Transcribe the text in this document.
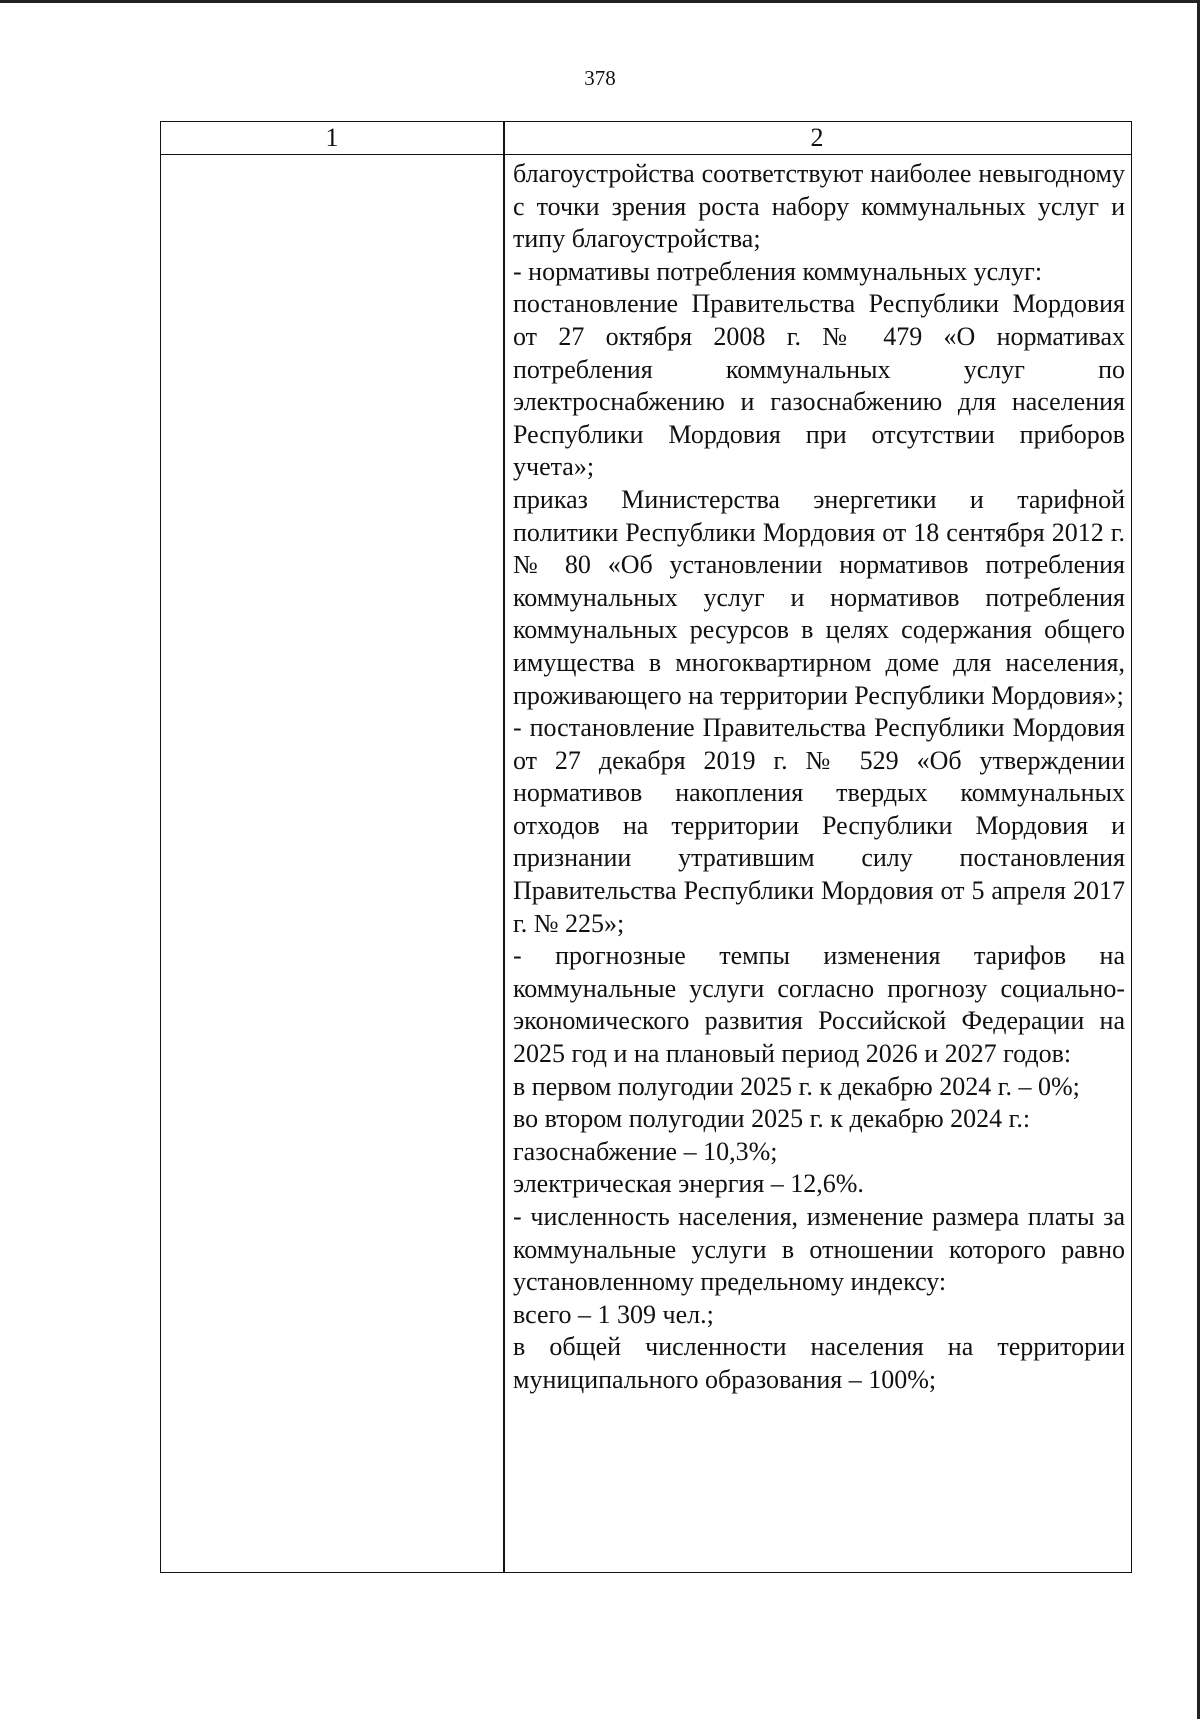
378
1	2

благоустройства соответствуют наиболее невыгодному с точки зрения роста набору коммунальных услуг и типу благоустройства;

- нормативы потребления коммунальных услуг:

постановление Правительства Республики Мордовия от 27 октября 2008 г. № 479 «О нормативах потребления коммунальных услуг по электроснабжению и газоснабжению для населения Республики Мордовия при отсутствии приборов учета»;

приказ Министерства энергетики и тарифной политики Республики Мордовия от 18 сентября 2012 г. № 80 «Об установлении нормативов потребления коммунальных услуг и нормативов потребления коммунальных ресурсов в целях содержания общего имущества в многоквартирном доме для населения, проживающего на территории Республики Мордовия»;

- постановление Правительства Республики Мордовия от 27 декабря 2019 г. № 529 «Об утверждении нормативов накопления твердых коммунальных отходов на территории Республики Мордовия и признании утратившим силу постановления Правительства Республики Мордовия от 5 апреля 2017 г. № 225»;

- прогнозные темпы изменения тарифов на коммунальные услуги согласно прогнозу социально-экономического развития Российской Федерации на 2025 год и на плановый период 2026 и 2027 годов:

в первом полугодии 2025 г. к декабрю 2024 г. – 0%;

во втором полугодии 2025 г. к декабрю 2024 г.:

газоснабжение – 10,3%;

электрическая энергия – 12,6%.

- численность населения, изменение размера платы за коммунальные услуги в отношении которого равно установленному предельному индексу:

всего – 1 309 чел.;

в общей численности населения на территории муниципального образования – 100%;
